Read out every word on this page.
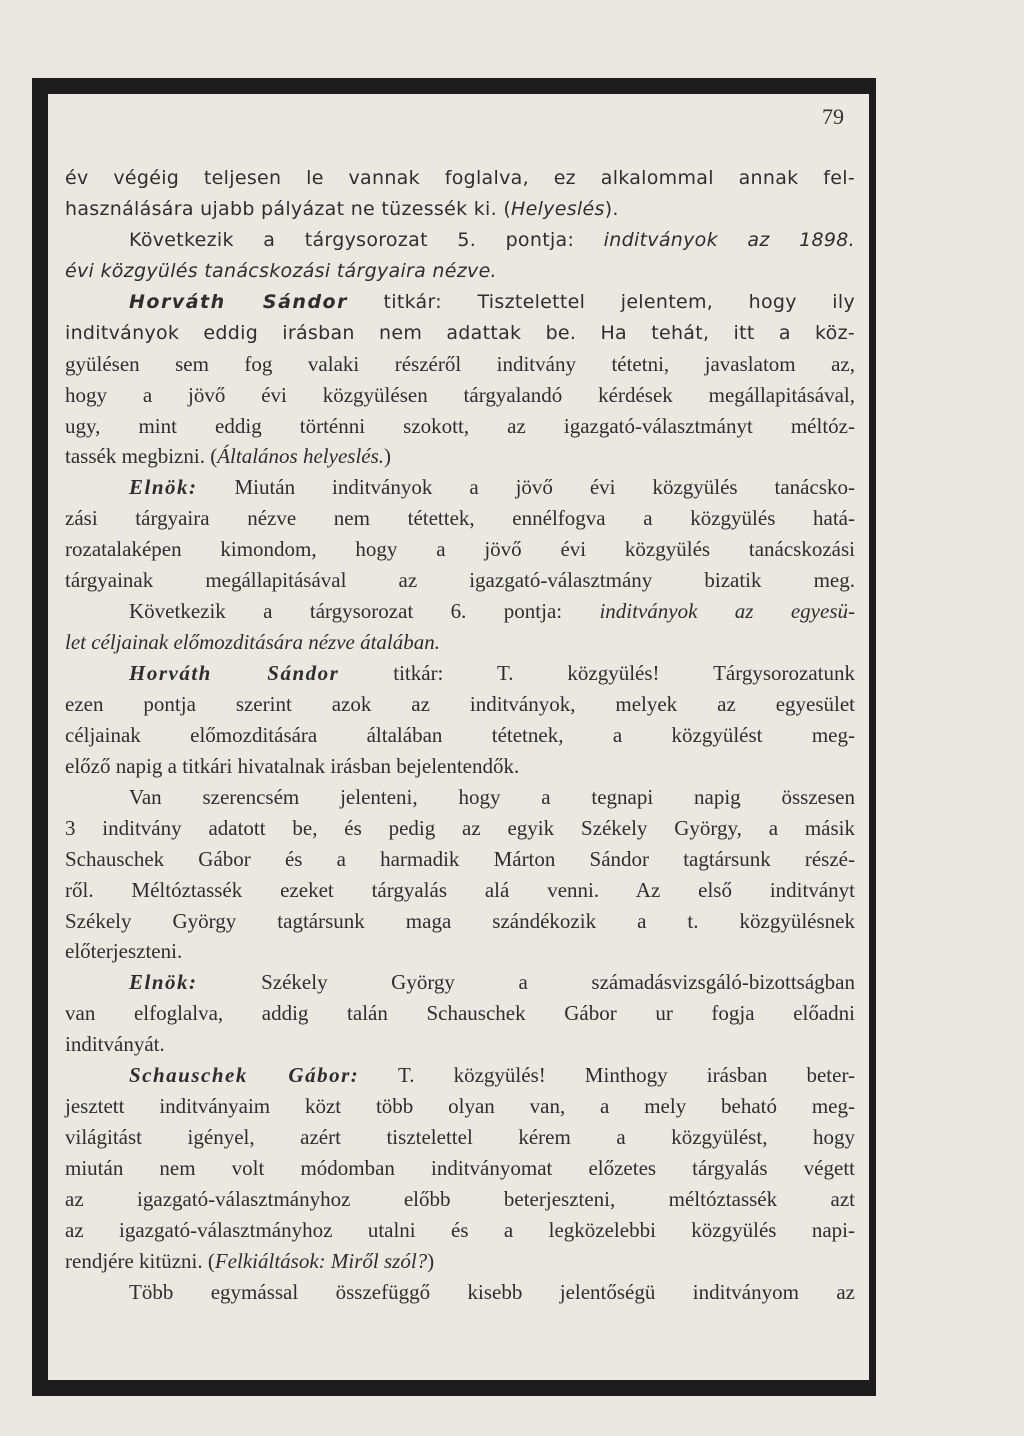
79
év végéig teljesen le vannak foglalva, ez alkalommal annak fel-
használására ujabb pályázat ne tüzessék ki. (Helyeslés).
Következik a tárgysorozat 5. pontja: inditványok az 1898.
évi közgyülés tanácskozási tárgyaira nézve.
Horváth Sándor titkár: Tisztelettel jelentem, hogy ily
inditványok eddig irásban nem adattak be. Ha tehát, itt a köz-
gyülésen sem fog valaki részéről inditvány tétetni, javaslatom az,
hogy a jövő évi közgyülésen tárgyalandó kérdések megállapitásával,
ugy, mint eddig történni szokott, az igazgató-választmányt méltóz-
tassék megbizni. (Általános helyeslés.)
Elnök: Miután inditványok a jövő évi közgyülés tanácsko-
zási tárgyaira nézve nem tétettek, ennélfogva a közgyülés hatá-
rozatalaképen kimondom, hogy a jövő évi közgyülés tanácskozási
tárgyainak megállapitásával az igazgató-választmány bizatik meg.
Következik a tárgysorozat 6. pontja: inditványok az egyesü-
let céljainak előmozditására nézve átalában.
Horváth Sándor titkár: T. közgyülés! Tárgysorozatunk
ezen pontja szerint azok az inditványok, melyek az egyesület
céljainak előmozditására általában tétetnek, a közgyülést meg-
előző napig a titkári hivatalnak irásban bejelentendők.
Van szerencsém jelenteni, hogy a tegnapi napig összesen
3 inditvány adatott be, és pedig az egyik Székely György, a másik
Schauschek Gábor és a harmadik Márton Sándor tagtársunk részé-
ről. Méltóztassék ezeket tárgyalás alá venni. Az első inditványt
Székely György tagtársunk maga szándékozik a t. közgyülésnek
előterjeszteni.
Elnök: Székely György a számadásvizsgáló-bizottságban
van elfoglalva, addig talán Schauschek Gábor ur fogja előadni
inditványát.
Schauschek Gábor: T. közgyülés! Minthogy irásban beter-
jesztett inditványaim közt több olyan van, a mely beható meg-
világitást igényel, azért tisztelettel kérem a közgyülést, hogy
miután nem volt módomban inditványomat előzetes tárgyalás végett
az igazgató-választmányhoz előbb beterjeszteni, méltóztassék azt
az igazgató-választmányhoz utalni és a legközelebbi közgyülés napi-
rendjére kitüzni. (Felkiáltások: Miről szól?)
Több egymással összefüggő kisebb jelentőségü inditványom az
